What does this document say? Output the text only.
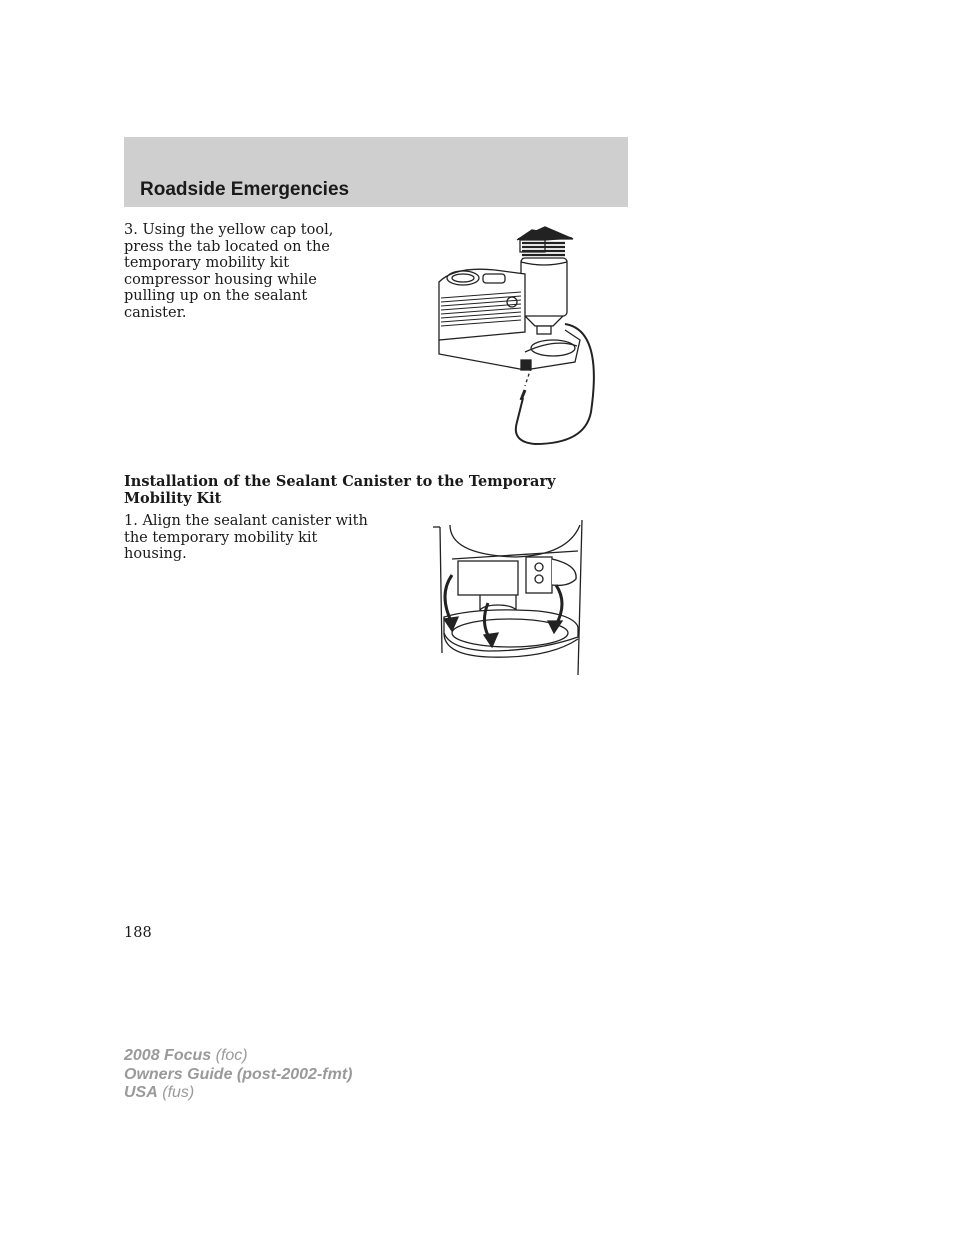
Roadside Emergencies

3. Using the yellow cap tool, press the tab located on the temporary mobility kit compressor housing while pulling up on the sealant canister.

Installation of the Sealant Canister to the Temporary Mobility Kit

1. Align the sealant canister with the temporary mobility kit housing.

188

2008 Focus (foc)
Owners Guide (post-2002-fmt)
USA (fus)
